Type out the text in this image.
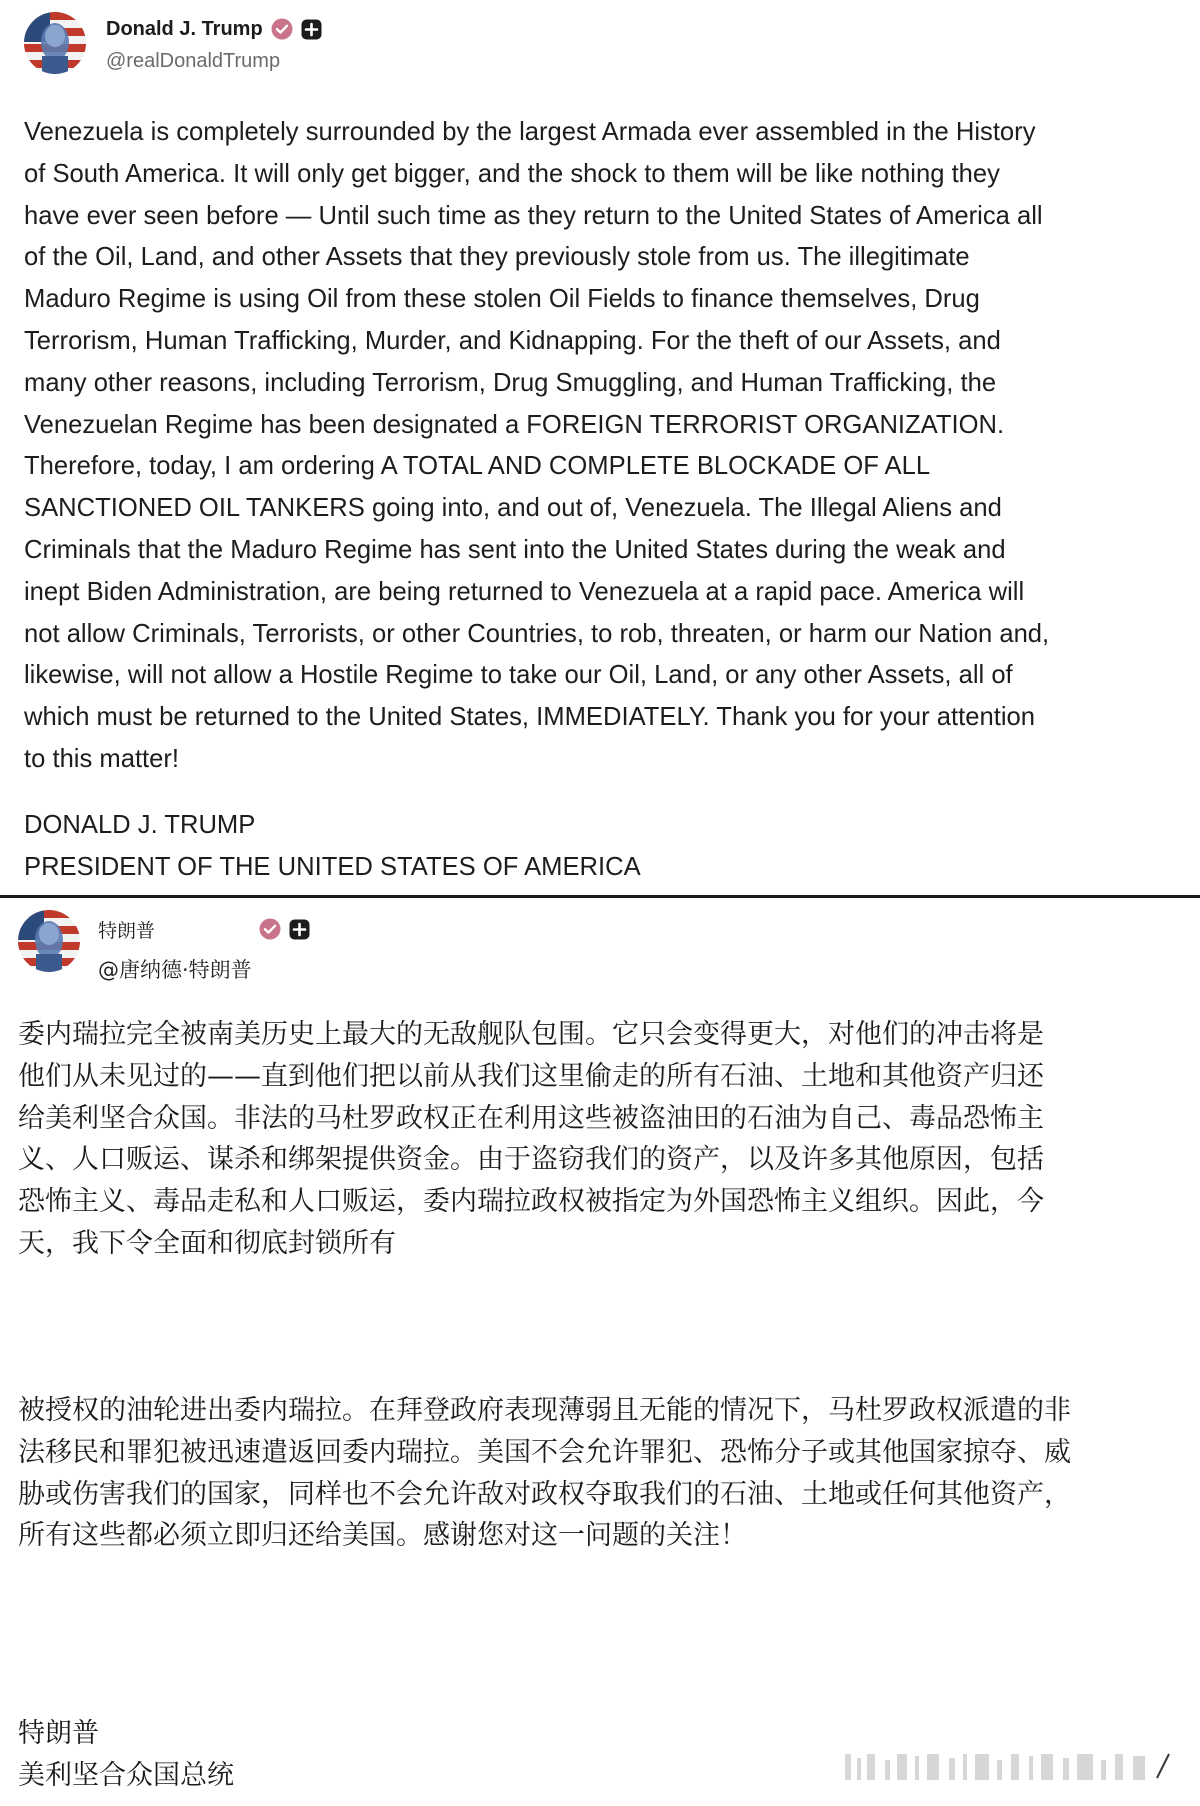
Donald J. Trump
@realDonaldTrump

Venezuela is completely surrounded by the largest Armada ever assembled in the History
of South America. It will only get bigger, and the shock to them will be like nothing they
have ever seen before — Until such time as they return to the United States of America all
of the Oil, Land, and other Assets that they previously stole from us. The illegitimate
Maduro Regime is using Oil from these stolen Oil Fields to finance themselves, Drug
Terrorism, Human Trafficking, Murder, and Kidnapping. For the theft of our Assets, and
many other reasons, including Terrorism, Drug Smuggling, and Human Trafficking, the
Venezuelan Regime has been designated a FOREIGN TERRORIST ORGANIZATION.
Therefore, today, I am ordering A TOTAL AND COMPLETE BLOCKADE OF ALL
SANCTIONED OIL TANKERS going into, and out of, Venezuela. The Illegal Aliens and
Criminals that the Maduro Regime has sent into the United States during the weak and
inept Biden Administration, are being returned to Venezuela at a rapid pace. America will
not allow Criminals, Terrorists, or other Countries, to rob, threaten, or harm our Nation and,
likewise, will not allow a Hostile Regime to take our Oil, Land, or any other Assets, all of
which must be returned to the United States, IMMEDIATELY. Thank you for your attention
to this matter!

DONALD J. TRUMP
PRESIDENT OF THE UNITED STATES OF AMERICA
特朗普
@唐纳德·特朗普

委内瑞拉完全被南美历史上最大的无敌舰队包围。它只会变得更大，对他们的冲击将是
他们从未见过的——直到他们把以前从我们这里偷走的所有石油、土地和其他资产归还
给美利坚合众国。非法的马杜罗政权正在利用这些被盗油田的石油为自己、毒品恐怖主
义、人口贩运、谋杀和绑架提供资金。由于盗窃我们的资产，以及许多其他原因，包括
恐怖主义、毒品走私和人口贩运，委内瑞拉政权被指定为外国恐怖主义组织。因此，今
天，我下令全面和彻底封锁所有

被授权的油轮进出委内瑞拉。在拜登政府表现薄弱且无能的情况下，马杜罗政权派遣的非
法移民和罪犯被迅速遣返回委内瑞拉。美国不会允许罪犯、恐怖分子或其他国家掠夺、威
胁或伤害我们的国家，同样也不会允许敌对政权夺取我们的石油、土地或任何其他资产，
所有这些都必须立即归还给美国。感谢您对这一问题的关注！

特朗普
美利坚合众国总统
